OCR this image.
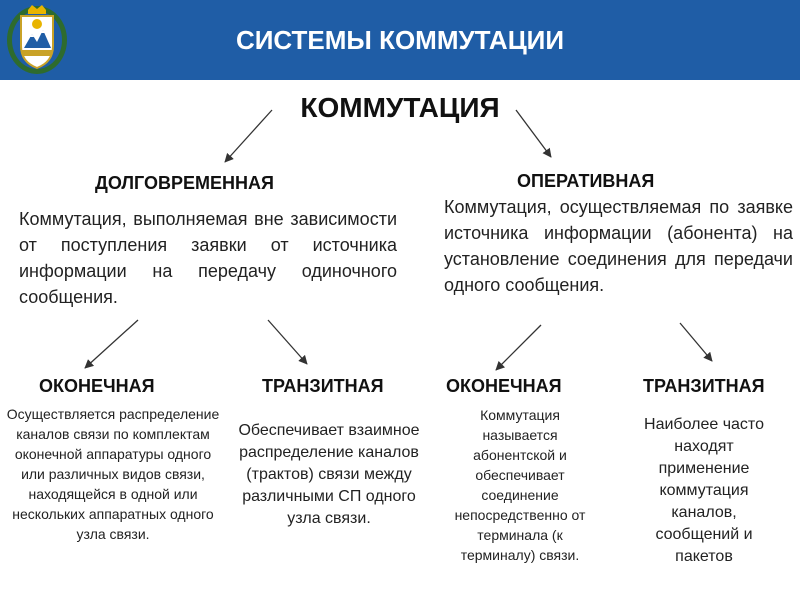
СИСТЕМЫ КОММУТАЦИИ
КОММУТАЦИЯ
ДОЛГОВРЕМЕННАЯ
Коммутация, выполняемая вне зависимости от поступления заявки от источника информации на передачу одиночного сообщения.
ОПЕРАТИВНАЯ
Коммутация, осуществляемая по заявке источника информации (абонента) на установление соединения для передачи одного сообщения.
ОКОНЕЧНАЯ
Осуществляется распределение каналов связи по комплектам оконечной аппаратуры одного или различных видов связи, находящейся в одной или нескольких аппаратных одного узла связи.
ТРАНЗИТНАЯ
Обеспечивает взаимное распределение каналов (трактов) связи между различными СП одного узла связи.
ОКОНЕЧНАЯ
Коммутация называется абонентской и обеспечивает соединение непосредственно от терминала (к терминалу) связи.
ТРАНЗИТНАЯ
Наиболее часто находят применение коммутация каналов, сообщений и пакетов
